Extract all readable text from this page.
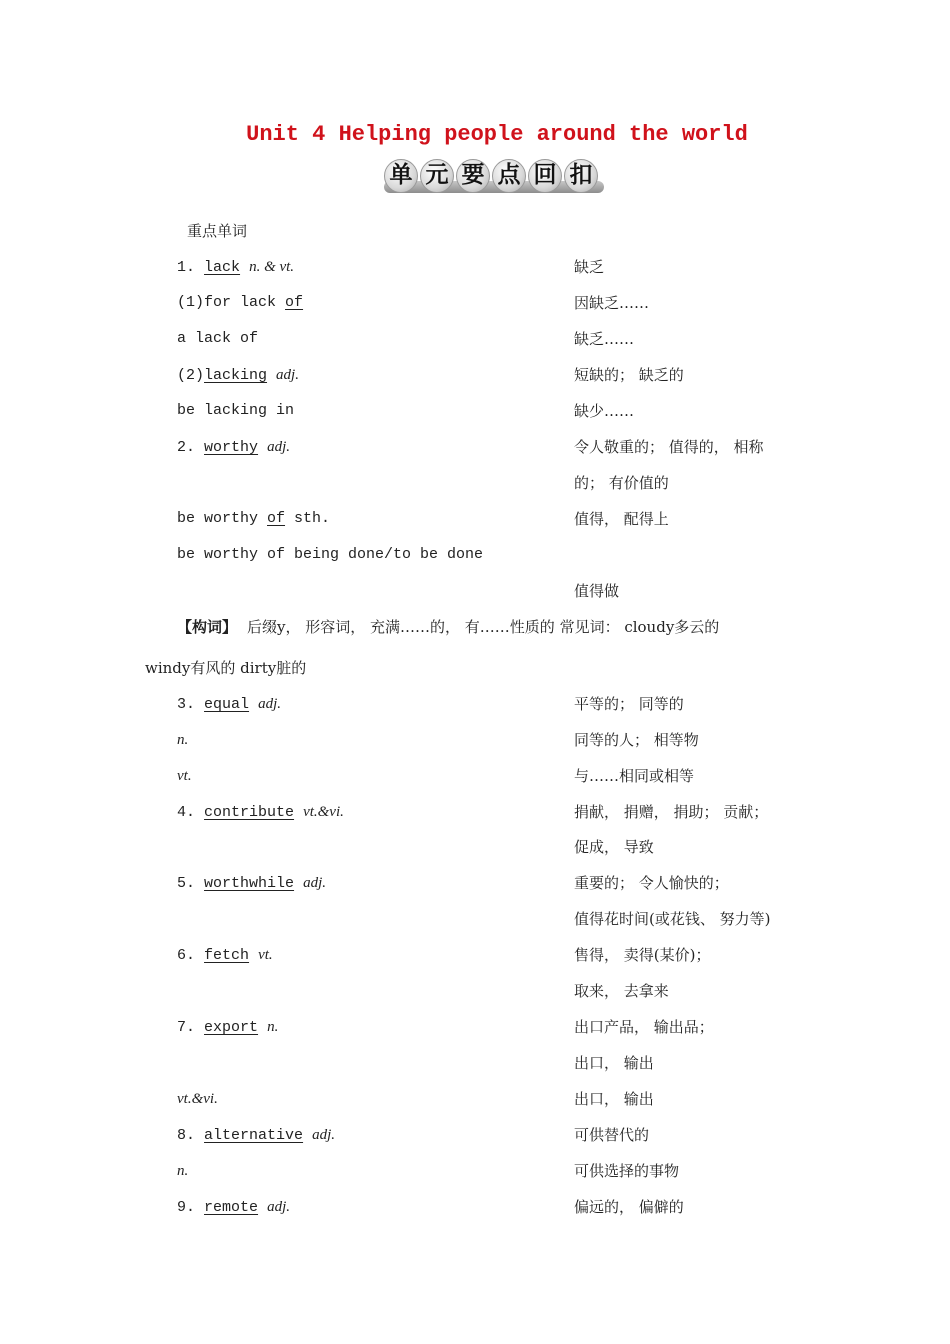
Unit 4 Helping people around the world
单 元 要 点 回 扣
重点单词
1. lack n. & vt.	缺乏
(1)for lack of	因缺乏……
a lack of	缺乏……
(2)lacking adj.	短缺的； 缺乏的
be lacking in	缺少……
2. worthy adj.	令人敬重的； 值得的， 相称
的； 有价值的
be worthy of sth.	值得， 配得上
be worthy of being done/to be done
值得做
【构词】 后缀y， 形容词， 充满……的， 有……性质的 常见词： cloudy多云的
windy有风的 dirty脏的
3. equal adj.	平等的； 同等的
n.	同等的人； 相等物
vt.	与……相同或相等
4. contribute vt.&vi.	捐献， 捐赠， 捐助； 贡献；
促成， 导致
5. worthwhile adj.	重要的； 令人愉快的；
值得花时间(或花钱、 努力等)
6. fetch vt.	售得， 卖得(某价)；
取来， 去拿来
7. export n.	出口产品， 输出品；
出口， 输出
vt.&vi.	出口， 输出
8. alternative adj.	可供替代的
n.	可供选择的事物
9. remote adj.	偏远的， 偏僻的
